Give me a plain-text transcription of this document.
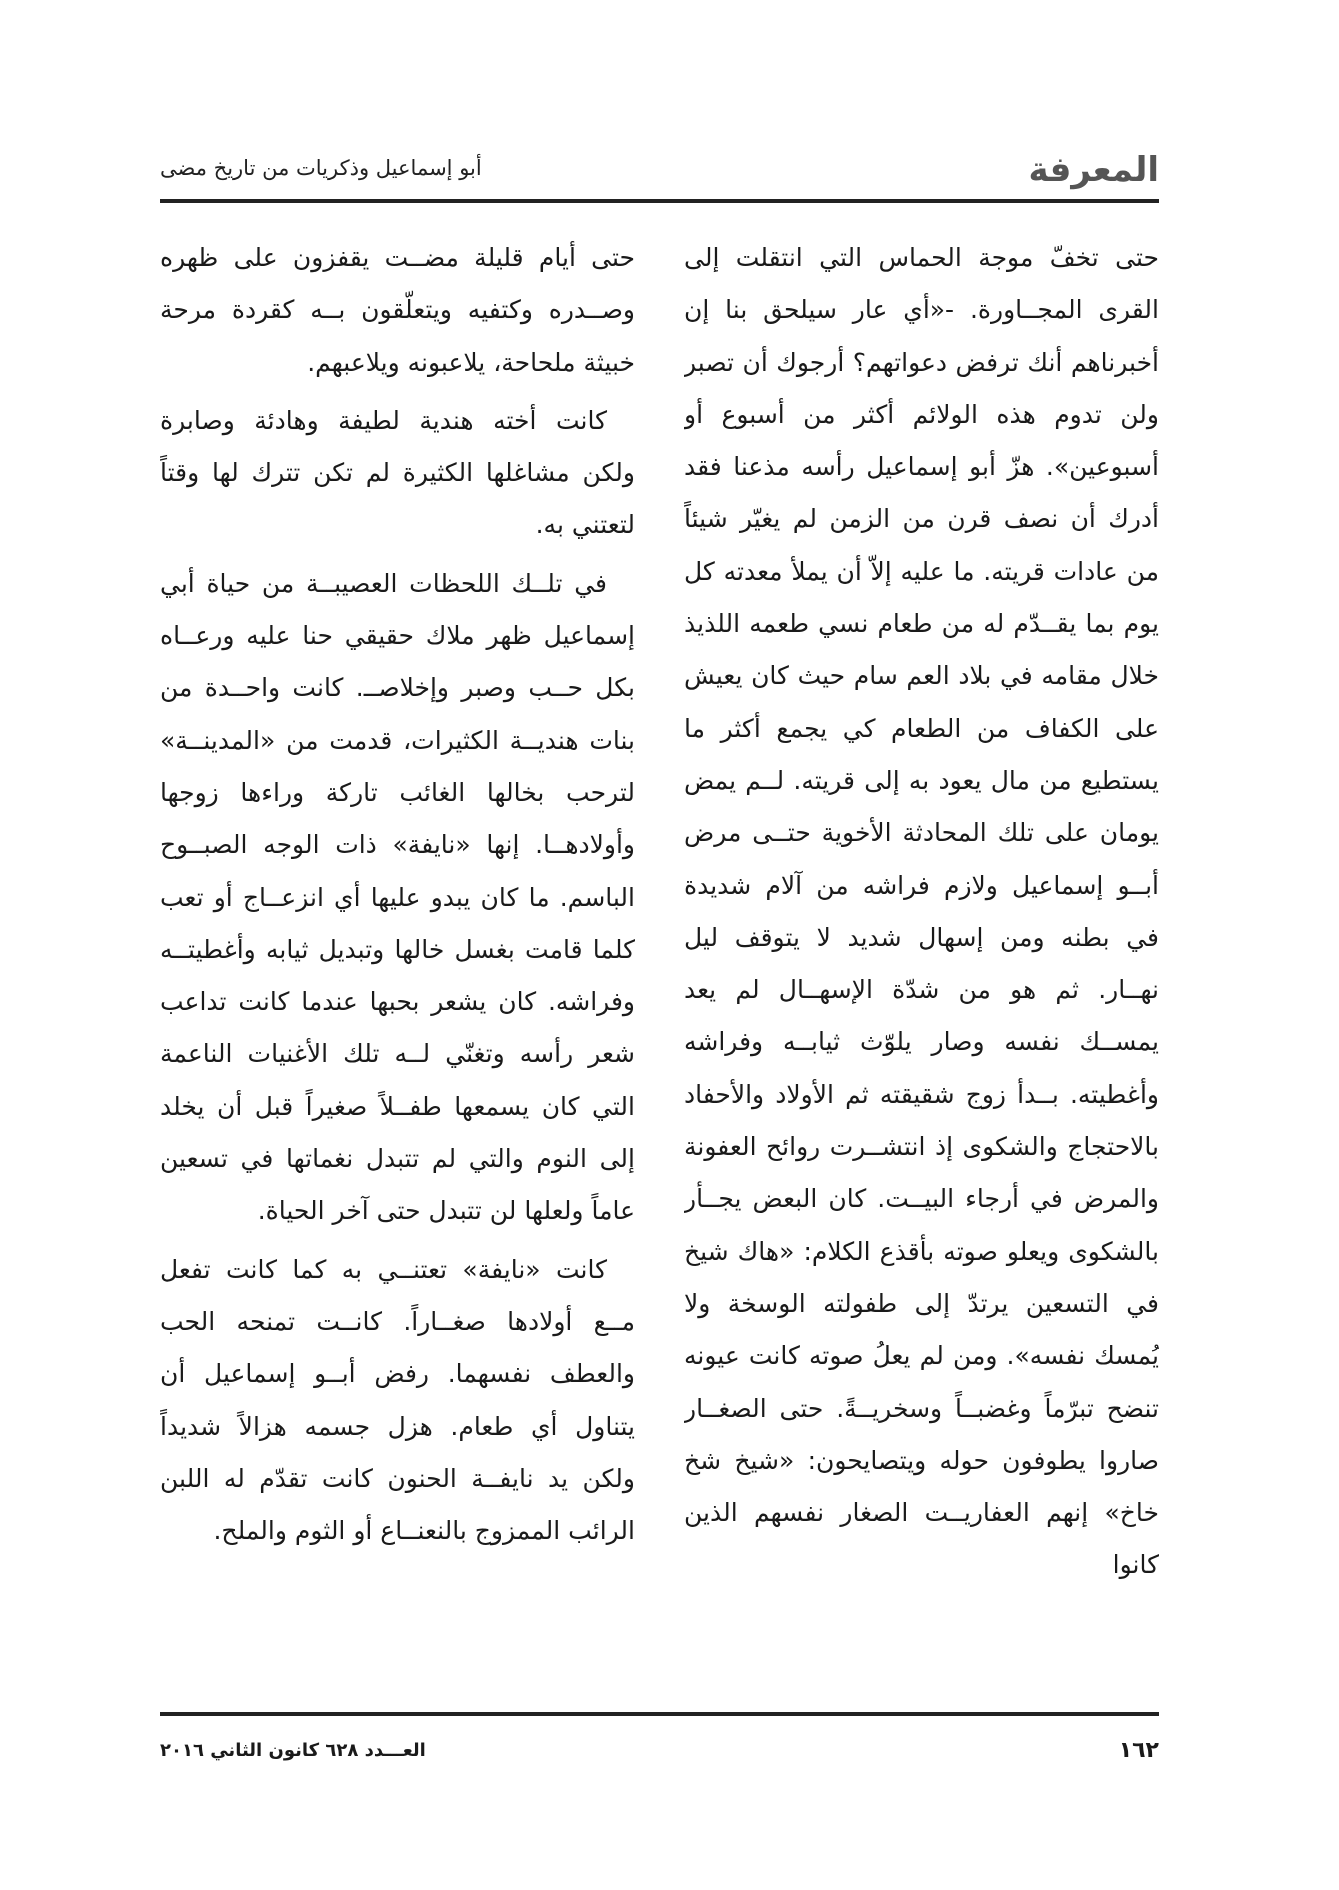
المعرفة
أبو إسماعيل وذكريات من تاريخ مضى

حتى تخفّ موجة الحماس التي انتقلت إلى القرى المجــاورة. -«أي عار سيلحق بنا إن أخبرناهم أنك ترفض دعواتهم؟ أرجوك أن تصبر ولن تدوم هذه الولائم أكثر من أسبوع أو أسبوعين». هزّ أبو إسماعيل رأسه مذعنا فقد أدرك أن نصف قرن من الزمن لم يغيّر شيئاً من عادات قريته. ما عليه إلاّ أن يملأ معدته كل يوم بما يقــدّم له من طعام نسي طعمه اللذيذ خلال مقامه في بلاد العم سام حيث كان يعيش على الكفاف من الطعام كي يجمع أكثر ما يستطيع من مال يعود به إلى قريته. لــم يمض يومان على تلك المحادثة الأخوية حتــى مرض أبــو إسماعيل ولازم فراشه من آلام شديدة في بطنه ومن إسهال شديد لا يتوقف ليل نهــار. ثم هو من شدّة الإسهــال لم يعد يمســك نفسه وصار يلوّث ثيابــه وفراشه وأغطيته. بــدأ زوج شقيقته ثم الأولاد والأحفاد بالاحتجاج والشكوى إذ انتشــرت روائح العفونة والمرض في أرجاء البيــت. كان البعض يجــأر بالشكوى ويعلو صوته بأقذع الكلام: «هاك شيخ في التسعين يرتدّ إلى طفولته الوسخة ولا يُمسك نفسه». ومن لم يعلُ صوته كانت عيونه تنضح تبرّماً وغضبــاً وسخريــةً. حتى الصغــار صاروا يطوفون حوله ويتصايحون: «شيخ شخ خاخ» إنهم العفاريــت الصغار نفسهم الذين كانوا

حتى أيام قليلة مضــت يقفزون على ظهره وصــدره وكتفيه ويتعلّقون بــه كقردة مرحة خبيثة ملحاحة، يلاعبونه ويلاعبهم.

كانت أخته هندية لطيفة وهادئة وصابرة ولكن مشاغلها الكثيرة لم تكن تترك لها وقتاً لتعتني به.

في تلــك اللحظات العصيبــة من حياة أبي إسماعيل ظهر ملاك حقيقي حنا عليه ورعــاه بكل حــب وصبر وإخلاصــ. كانت واحــدة من بنات هنديــة الكثيرات، قدمت من «المدينــة» لترحب بخالها الغائب تاركة وراءها زوجها وأولادهــا. إنها «نايفة» ذات الوجه الصبــوح الباسم. ما كان يبدو عليها أي انزعــاج أو تعب كلما قامت بغسل خالها وتبديل ثيابه وأغطيتــه وفراشه. كان يشعر بحبها عندما كانت تداعب شعر رأسه وتغنّي لــه تلك الأغنيات الناعمة التي كان يسمعها طفــلاً صغيراً قبل أن يخلد إلى النوم والتي لم تتبدل نغماتها في تسعين عاماً ولعلها لن تتبدل حتى آخر الحياة.

كانت «نايفة» تعتنــي به كما كانت تفعل مــع أولادها صغــاراً. كانــت تمنحه الحب والعطف نفسهما. رفض أبــو إسماعيل أن يتناول أي طعام. هزل جسمه هزالاً شديداً ولكن يد نايفــة الحنون كانت تقدّم له اللبن الرائب الممزوج بالنعنــاع أو الثوم والملح.

١٦٢
العـــدد ٦٢٨ كانون الثاني ٢٠١٦
